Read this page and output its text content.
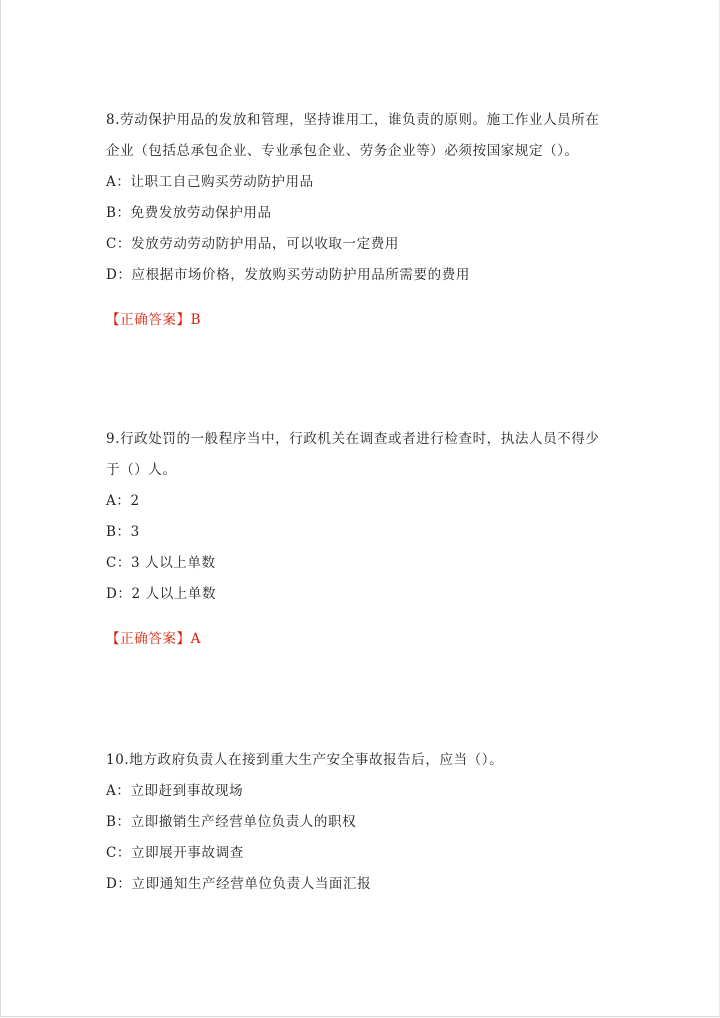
8.劳动保护用品的发放和管理，坚持谁用工，谁负责的原则。施工作业人员所在
企业（包括总承包企业、专业承包企业、劳务企业等）必须按国家规定（）。
A：让职工自己购买劳动防护用品
B：免费发放劳动保护用品
C：发放劳动劳动防护用品，可以收取一定费用
D：应根据市场价格，发放购买劳动防护用品所需要的费用
【正确答案】B
9.行政处罚的一般程序当中，行政机关在调查或者进行检查时，执法人员不得少
于（）人。
A：2
B：3
C：3 人以上单数
D：2 人以上单数
【正确答案】A
10.地方政府负责人在接到重大生产安全事故报告后，应当（）。
A：立即赶到事故现场
B：立即撤销生产经营单位负责人的职权
C：立即展开事故调查
D：立即通知生产经营单位负责人当面汇报
